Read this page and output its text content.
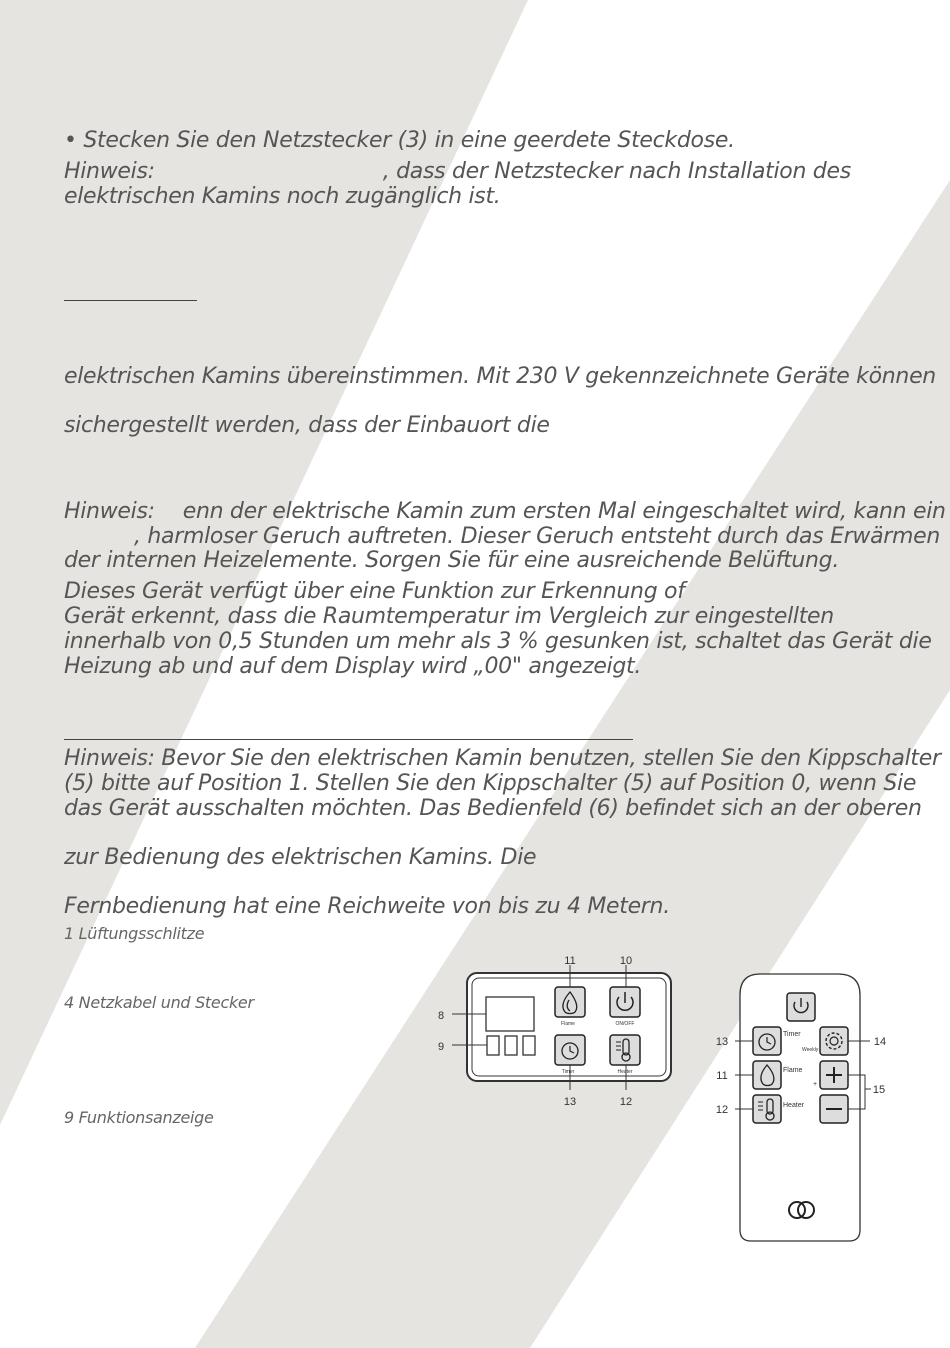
• Stecken Sie den Netzstecker (3) in eine geerdete Steckdose.

Hinweis:	, dass der Netzstecker nach Installation des

elektrischen Kamins noch zugänglich ist.

elektrischen Kamins übereinstimmen. Mit 230 V gekennzeichnete Geräte können

sichergestellt werden, dass der Einbauort die

Hinweis: enn der elektrische Kamin zum ersten Mal eingeschaltet wird, kann ein

, harmloser Geruch auftreten. Dieser Geruch entsteht durch das Erwärmen

der internen Heizelemente. Sorgen Sie für eine ausreichende Belüftung.

Dieses Gerät verfügt über eine Funktion zur Erkennung of

Gerät erkennt, dass die Raumtemperatur im Vergleich zur eingestellten

innerhalb von 0,5 Stunden um mehr als 3 % gesunken ist, schaltet das Gerät die

Heizung ab und auf dem Display wird „00" angezeigt.

Hinweis: Bevor Sie den elektrischen Kamin benutzen, stellen Sie den Kippschalter

(5) bitte auf Position 1. Stellen Sie den Kippschalter (5) auf Position 0, wenn Sie

das Gerät ausschalten möchten. Das Bedienfeld (6) befindet sich an der oberen

zur Bedienung des elektrischen Kamins. Die

Fernbedienung hat eine Reichweite von bis zu 4 Metern.

1 Lüftungsschlitze

4 Netzkabel und Stecker

9 Funktionsanzeige

11	10
8
9
13	12
Flame	ON/OFF
Timer	Heater
13
11
12
14
15
Timer
Weekly
Flame
Heater
+
